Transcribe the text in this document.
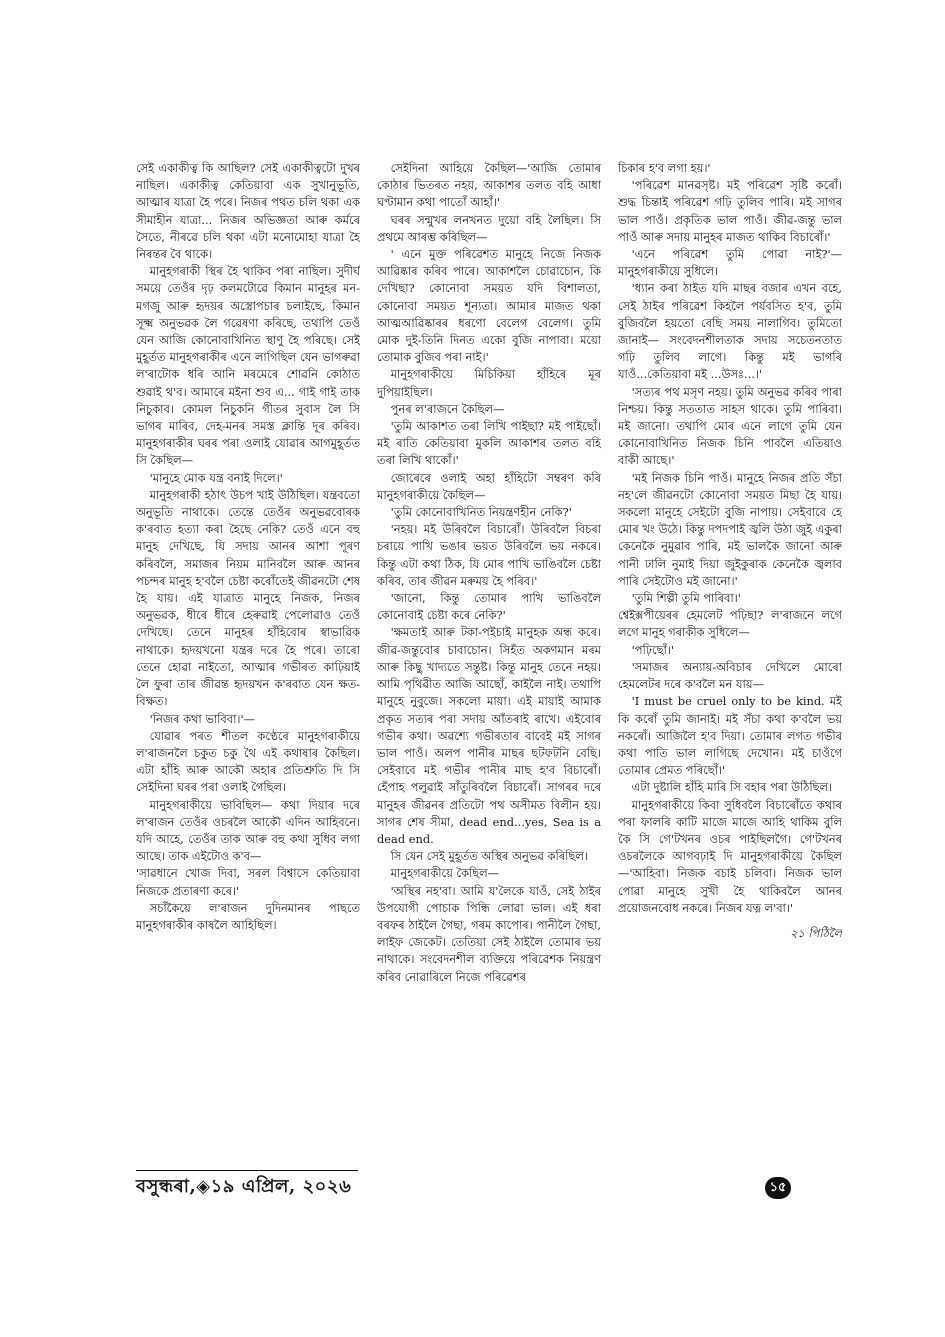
সেই একাকীত্ব কি আছিল? সেই একাকীত্বটো দুখৰ নাছিল। একাকীত্ব কেতিয়াবা এক সুখানুভূতি, আত্মাৰ যাত্ৰা হৈ পৰে। নিজৰ পথত চলি থকা এক সীমাহীন যাত্ৰা... নিজৰ অভিজ্ঞতা আৰু কৰ্মৰে সৈতে, নীৰৱে চলি থকা এটা মনোমোহা যাত্ৰা হৈ নিৰন্তৰ বৈ থাকে।

মানুহগৰাকী স্থিৰ হৈ থাকিব পৰা নাছিল। সুদীৰ্ঘ সময়ে তেওঁৰ দৃঢ় কলমটোৱে কিমান মানুহৰ মন-মগজু আৰু হৃদয়ৰ অস্ত্ৰোপচাৰ চলাইছে, কিমান সূক্ষ্ম অনুভৱক লৈ গৱেষণা কৰিছে, তথাপি তেওঁ যেন আজি কোনোবাখিনিত স্থাণু হৈ পৰিছে। সেই মুহূৰ্তত মানুহগৰাকীৰ এনে লাগিছিল যেন ভাগৰুৱা ল'ৰাটোক ধৰি আনি মৰমেৰে শোৱনি কোঠাত শুৱাই থ'ব। আমাৰে মইনা শুব এ... গাই গাই তাক নিচুকাব। কোমল নিচুকনি গীতৰ সুবাস লৈ সি ভাগৰ মাৰিব, দেহ-মনৰ সমস্ত ক্লান্তি দূৰ কৰিব। মানুহগৰাকীৰ ঘৰৰ পৰা ওলাই যোৱাৰ আগমুহূৰ্তত সি কৈছিল—

'মানুহে মোক যন্ত্ৰ বনাই দিলে।'

মানুহগৰাকী হঠাৎ উচপ খাই উঠিছিল। যন্ত্ৰবতো অনুভূতি নাথাকে। তেন্তে তেওঁৰ অনুভৱবোৰক ক'ৰবাত হত্যা কৰা হৈছে নেকি? তেওঁ এনে বহু মানুহ দেখিছে, যি সদায় আনৰ আশা পূৰণ কৰিবলৈ, সমাজৰ নিয়ম মানিবলৈ আৰু আনৰ পচন্দৰ মানুহ হ'বলৈ চেষ্টা কৰোঁতেই জীৱনটো শেষ হৈ যায়। এই যাত্ৰাত মানুহে নিজক, নিজৰ অনুভৱক, ধীৰে ধীৰে হেৰুৱাই পেলোৱাও তেওঁ দেখিছে। তেনে মানুহৰ হাঁহিবোৰ স্বাভাৱিক নাথাকে। হৃদয়খনো যন্ত্ৰৰ দৰে হৈ পৰে। তাৰো তেনে হোৱা নাইতো, আত্মাৰ গভীৰত কাঢ়িয়াই লৈ ফুৰা তাৰ জীৱন্ত হৃদয়খন ক'ৰবাত যেন ক্ষত-বিক্ষত।

'নিজৰ কথা ভাবিবা।'—

যোৱাৰ পৰত শীতল কণ্ঠেৰে মানুহগৰাকীয়ে ল'ৰাজনলৈ চকুত চকু থৈ এই কথাষাৰ কৈছিল। এটা হাঁহি আৰু আকৌ অহাৰ প্ৰতিশ্ৰুতি দি সি সেইদিনা ঘৰৰ পৰা ওলাই গৈছিল।

মানুহগৰাকীয়ে ভাবিছিল— কথা দিয়াৰ দৰে ল'ৰাজন তেওঁৰ ওচৰলৈ আকৌ এদিন আহিবনে। যদি আহে, তেওঁৰ তাক আৰু বহু কথা সুধিব লগা আছে। তাক এইটোও ক'ব—

'সাৱধানে খোজ দিবা, সৰল বিশ্বাসে কেতিয়াবা নিজকে প্ৰতাৰণা কৰে।'

সচাঁকৈয়ে ল'ৰাজন দুদিনমানৰ পাছতে মানুহগৰাকীৰ কাষলৈ আহিছিল।

সেইদিনা আহিয়ে কৈছিল—'আজি তোমাৰ কোঠাৰ ভিতৰত নহয়, আকাশৰ তলত বহি আধা ঘণ্টামান কথা পাতোঁ আহাঁ।'

ঘৰৰ সন্মুখৰ লনখনত দুয়ো বহি লৈছিল। সি প্ৰথমে আৰম্ভ কৰিছিল—

' এনে মুক্ত পৰিৱেশত মানুহে নিজে নিজক আৱিষ্কাৰ কৰিব পাৰে। আকাশলৈ চোৱাচোন, কি দেখিছা? কোনোবা সময়ত যদি বিশালতা, কোনোবা সময়ত শূন্যতা। আমাৰ মাজত থকা আত্মআৱিষ্কাৰৰ ধৰণো বেলেগ বেলেগ। তুমি মোক দুই-তিনি দিনত একো বুজি নাপাবা। ময়ো তোমাক বুজিব পৰা নাই।'

মানুহগৰাকীয়ে মিচিকিয়া হাঁহিৰে মূৰ দুপিয়াইছিল।

পুনৰ ল'ৰাজনে কৈছিল—

'তুমি আকাশত তৰা লিখি পাইছা? মই পাইছোঁ। মই ৰাতি কেতিয়াবা মুকলি আকাশৰ তলত বহি তৰা লিখি থাকোঁ।'

জোৰেৰে ওলাই অহা হাঁহিটো সম্বৰণ কৰি মানুহগৰাকীয়ে কৈছিল—

'তুমি কোনোবাখিনিত নিয়ন্ত্ৰণহীন নেকি?'

'নহয়। মই উৰিবলৈ বিচাৰোঁ। উৰিবলৈ বিচৰা চৰায়ে পাখি ভঙাৰ ভয়ত উৰিবলৈ ভয় নকৰে। কিন্তু এটা কথা ঠিক, যি মোৰ পাখি ভাঙিবলৈ চেষ্টা কৰিব, তাৰ জীৱন মৰুময় হৈ পৰিব।'

'জানো, কিন্তু তোমাৰ পাখি ভাঙিবলৈ কোনোবাই চেষ্টা কৰে নেকি?'

'ক্ষমতাই আৰু টকা-পইচাই মানুহক অন্ধ কৰে। জীৱ-জন্তুবোৰ চাবাচোন। সিহঁত অকণমান মৰম আৰু কিছু খাদ্যতে সন্তুষ্ট। কিন্তু মানুহ তেনে নহয়। আমি পৃথিৱীত আজি আছোঁ, কাইলৈ নাই। তথাপি মানুহে নুবুজে। সকলো মায়া। এই মায়াই আমাক প্ৰকৃত সত্যৰ পৰা সদায় আঁতৰাই ৰাখে। এইবোৰ গভীৰ কথা। অৱশ্যে গভীৰতাৰ বাবেই মই সাগৰ ভাল পাওঁ। অলপ পানীৰ মাছৰ ছটফটনি বেছি। সেইবাবে মই গভীৰ পানীৰ মাছ হ'ব বিচাৰোঁ। হেঁপাহ পলুৱাই সাঁতুৰিবলৈ বিচাৰোঁ। সাগৰৰ দৰে মানুহৰ জীৱনৰ প্ৰতিটো পথ অসীমত বিলীন হয়। সাগৰ শেষ সীমা, dead end...yes, Sea is a dead end.

সি যেন সেই মুহূৰ্তত অস্থিৰ অনুভৱ কৰিছিল।

মানুহগৰাকীয়ে কৈছিল—

'অস্থিৰ নহ'বা। আমি য'লৈকে যাওঁ, সেই ঠাইৰ উপযোগী পোচাক পিন্ধি লোৱা ভাল। এই ধৰা বৰফৰ ঠাইলৈ গৈছা, গৰম কাপোৰ। পানীলৈ গৈছা, লাইফ জেকেট। তেতিয়া সেই ঠাইলৈ তোমাৰ ভয় নাথাকে। সংবেদনশীল ব্যক্তিয়ে পৰিৱেশক নিয়ন্ত্ৰণ কৰিব নোৱাৰিলে নিজে পৰিৱেশৰ

চিকাৰ হ'ব লগা হয়।'

'পৰিৱেশ মানৱসৃষ্ট। মই পৰিৱেশ সৃষ্টি কৰোঁ। শুদ্ধ চিন্তাই পৰিৱেশ গঢ়ি তুলিব পাৰি। মই সাগৰ ভাল পাওঁ। প্ৰকৃতিক ভাল পাওঁ। জীৱ-জন্তু ভাল পাওঁ আৰু সদায় মানুহৰ মাজত থাকিব বিচাৰোঁ।'

'এনে পৰিৱেশ তুমি পোৱা নাই?'— মানুহগৰাকীয়ে সুধিলে।

'ধ্যান কৰা ঠাইত যদি মাছৰ বজাৰ এখন বহে, সেই ঠাইৰ পৰিৱেশ কিহলৈ পৰ্যবসিত হ'ব, তুমি বুজিবলৈ হয়তো বেছি সময় নালাগিব। তুমিতো জানাই— সংবেদনশীলতাক সদায় সচেতনতাত গঢ়ি তুলিব লাগে। কিন্তু মই ভাগৰি যাওঁ...কেতিয়াবা মই ...উসঃ...।'

'সত্যৰ পথ মসৃণ নহয়। তুমি অনুভৱ কৰিব পাৰা নিশ্চয়। কিন্তু সততাত সাহস থাকে। তুমি পাৰিবা। মই জানো। তথাপি মোৰ এনে লাগে তুমি যেন কোনোবাখিনিত নিজক চিনি পাবলৈ এতিয়াও বাকী আছে।'

'মই নিজক চিনি পাওঁ। মানুহে নিজৰ প্ৰতি সঁচা নহ'লে জীৱনটো কোনোবা সময়ত মিছা হৈ যায়। সকলো মানুহে সেইটো বুজি নাপায়। সেইবাবে হে মোৰ খং উঠে। কিন্তু দপদপাই জ্বলি উঠা জুই একুৰা কেনেকৈ নুমুৱাব পাৰি, মই ভালকৈ জানো আৰু পানী ঢালি নুমাই দিয়া জুইকুৰাক কেনেকৈ জ্বলাব পাৰি সেইটোও মই জানো।'

'তুমি শিল্পী তুমি পাৰিবা।'

শ্বেইক্সপীয়েৰৰ হেমলেট পঢ়িছা? ল'ৰাজনে লগে লগে মানুহ গৰাকীক সুধিলে—

'পঢ়িছোঁ।'

'সমাজৰ অন্যায়-অবিচাৰ দেখিলে মোৰো হেমলেটৰ দৰে ক'বলৈ মন যায়—

'I must be cruel only to be kind. মই কি কৰোঁ তুমি জানাই। মই সঁচা কথা ক'বলৈ ভয় নকৰোঁ। আজিলৈ হ'ব দিয়া। তোমাৰ লগত গভীৰ কথা পাতি ভাল লাগিছে দেখোন। মই চাওঁগে তোমাৰ প্ৰেমত পৰিছোঁ।'

এটা দুষ্টালি হাঁহি মাৰি সি বহাৰ পৰা উঠিছিল।

মানুহগৰাকীয়ে কিবা সুধিবলৈ বিচাৰোঁতে কথাৰ পৰা ফালৰি কাটি মাজে মাজে আহি থাকিম বুলি কৈ সি গে'টখনৰ ওচৰ পাইছিলগৈ। গে'টখনৰ ওচৰলৈকে আগবঢ়াই দি মানুহগৰাকীয়ে কৈছিল—'আহিবা। নিজক বচাই চলিবা। নিজক ভাল পোৱা মানুহে সুখী হৈ থাকিবলৈ আনৰ প্ৰয়োজনবোধ নকৰে। নিজৰ যত্ন ল'বা।'

২১ পিঠিলৈ

বসুন্ধৰা,◈১৯ এপ্ৰিল, ২০২৬	১৫
